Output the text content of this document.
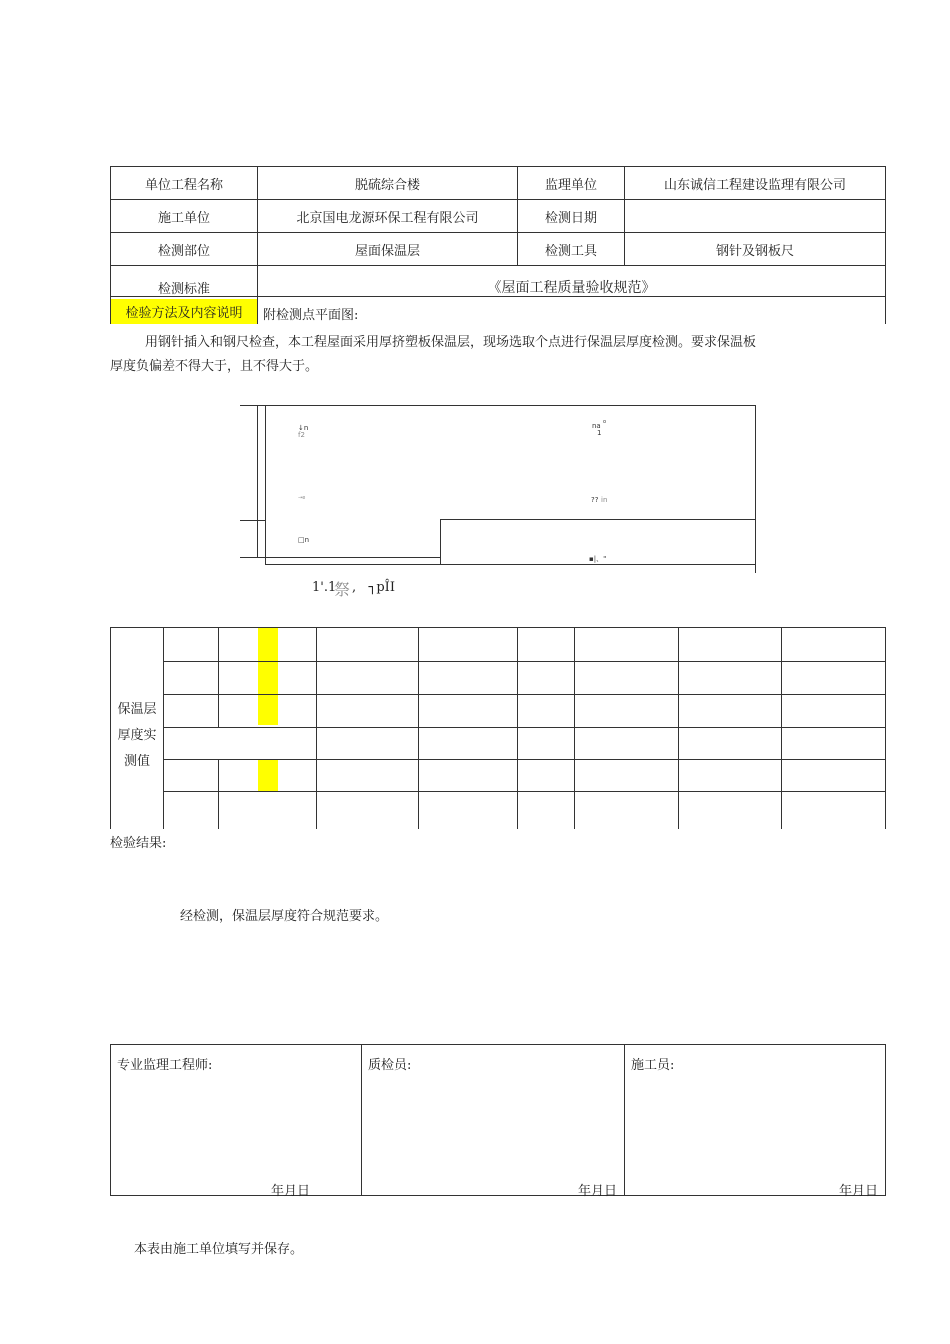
单位工程名称	脱硫综合楼	监理单位	山东诚信工程建设监理有限公司
施工单位	北京国电龙源环保工程有限公司	检测日期
检测部位	屋面保温层	检测工具	钢针及钢板尺
检测标准	《屋面工程质量验收规范》
检验方法及内容说明	附检测点平面图:
用钢针插入和钢尺检查，本工程屋面采用厚挤塑板保温层，现场选取个点进行保温层厚度检测。要求保温板
厚度负偏差不得大于，且不得大于。
↓n
f2
na o
1
→e	?? in
□n
▪|、"
1'.1
祭 ,   ┐pÎI
保温层
厚度实
测值
检验结果:
经检测，保温层厚度符合规范要求。
专业监理工程师:	质检员:	施工员:
年月日	年月日	年月日
本表由施工单位填写并保存。
